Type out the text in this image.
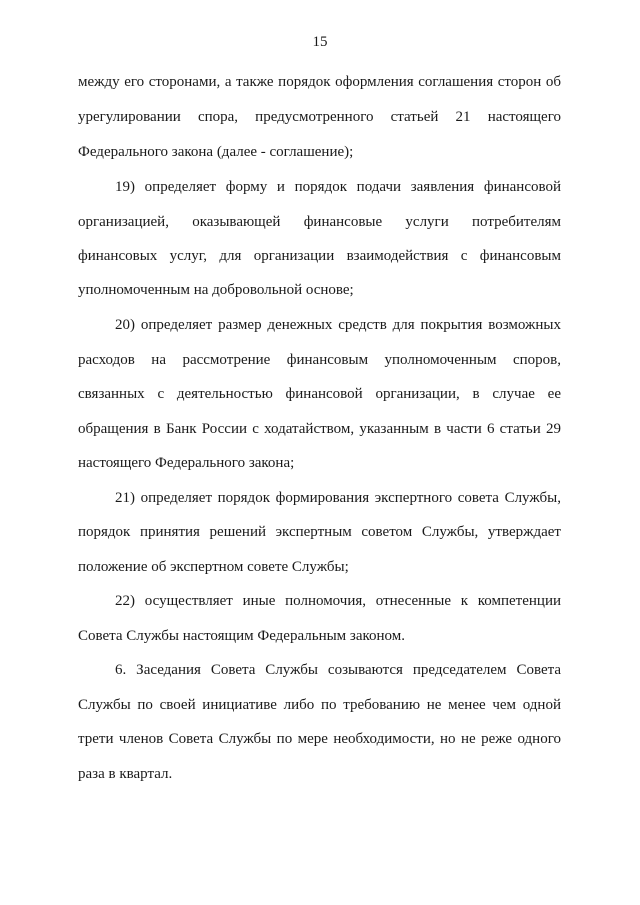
15
между его сторонами, а также порядок оформления соглашения сторон об
урегулировании спора, предусмотренного статьей 21 настоящего
Федерального закона (далее - соглашение);
19) определяет форму и порядок подачи заявления финансовой
организацией, оказывающей финансовые услуги потребителям
финансовых услуг, для организации взаимодействия с финансовым
уполномоченным на добровольной основе;
20) определяет размер денежных средств для покрытия возможных
расходов на рассмотрение финансовым уполномоченным споров,
связанных с деятельностью финансовой организации, в случае ее
обращения в Банк России с ходатайством, указанным в части 6 статьи 29
настоящего Федерального закона;
21) определяет порядок формирования экспертного совета Службы,
порядок принятия решений экспертным советом Службы, утверждает
положение об экспертном совете Службы;
22) осуществляет иные полномочия, отнесенные к компетенции
Совета Службы настоящим Федеральным законом.
6. Заседания Совета Службы созываются председателем Совета
Службы по своей инициативе либо по требованию не менее чем одной
трети членов Совета Службы по мере необходимости, но не реже одного
раза в квартал.
